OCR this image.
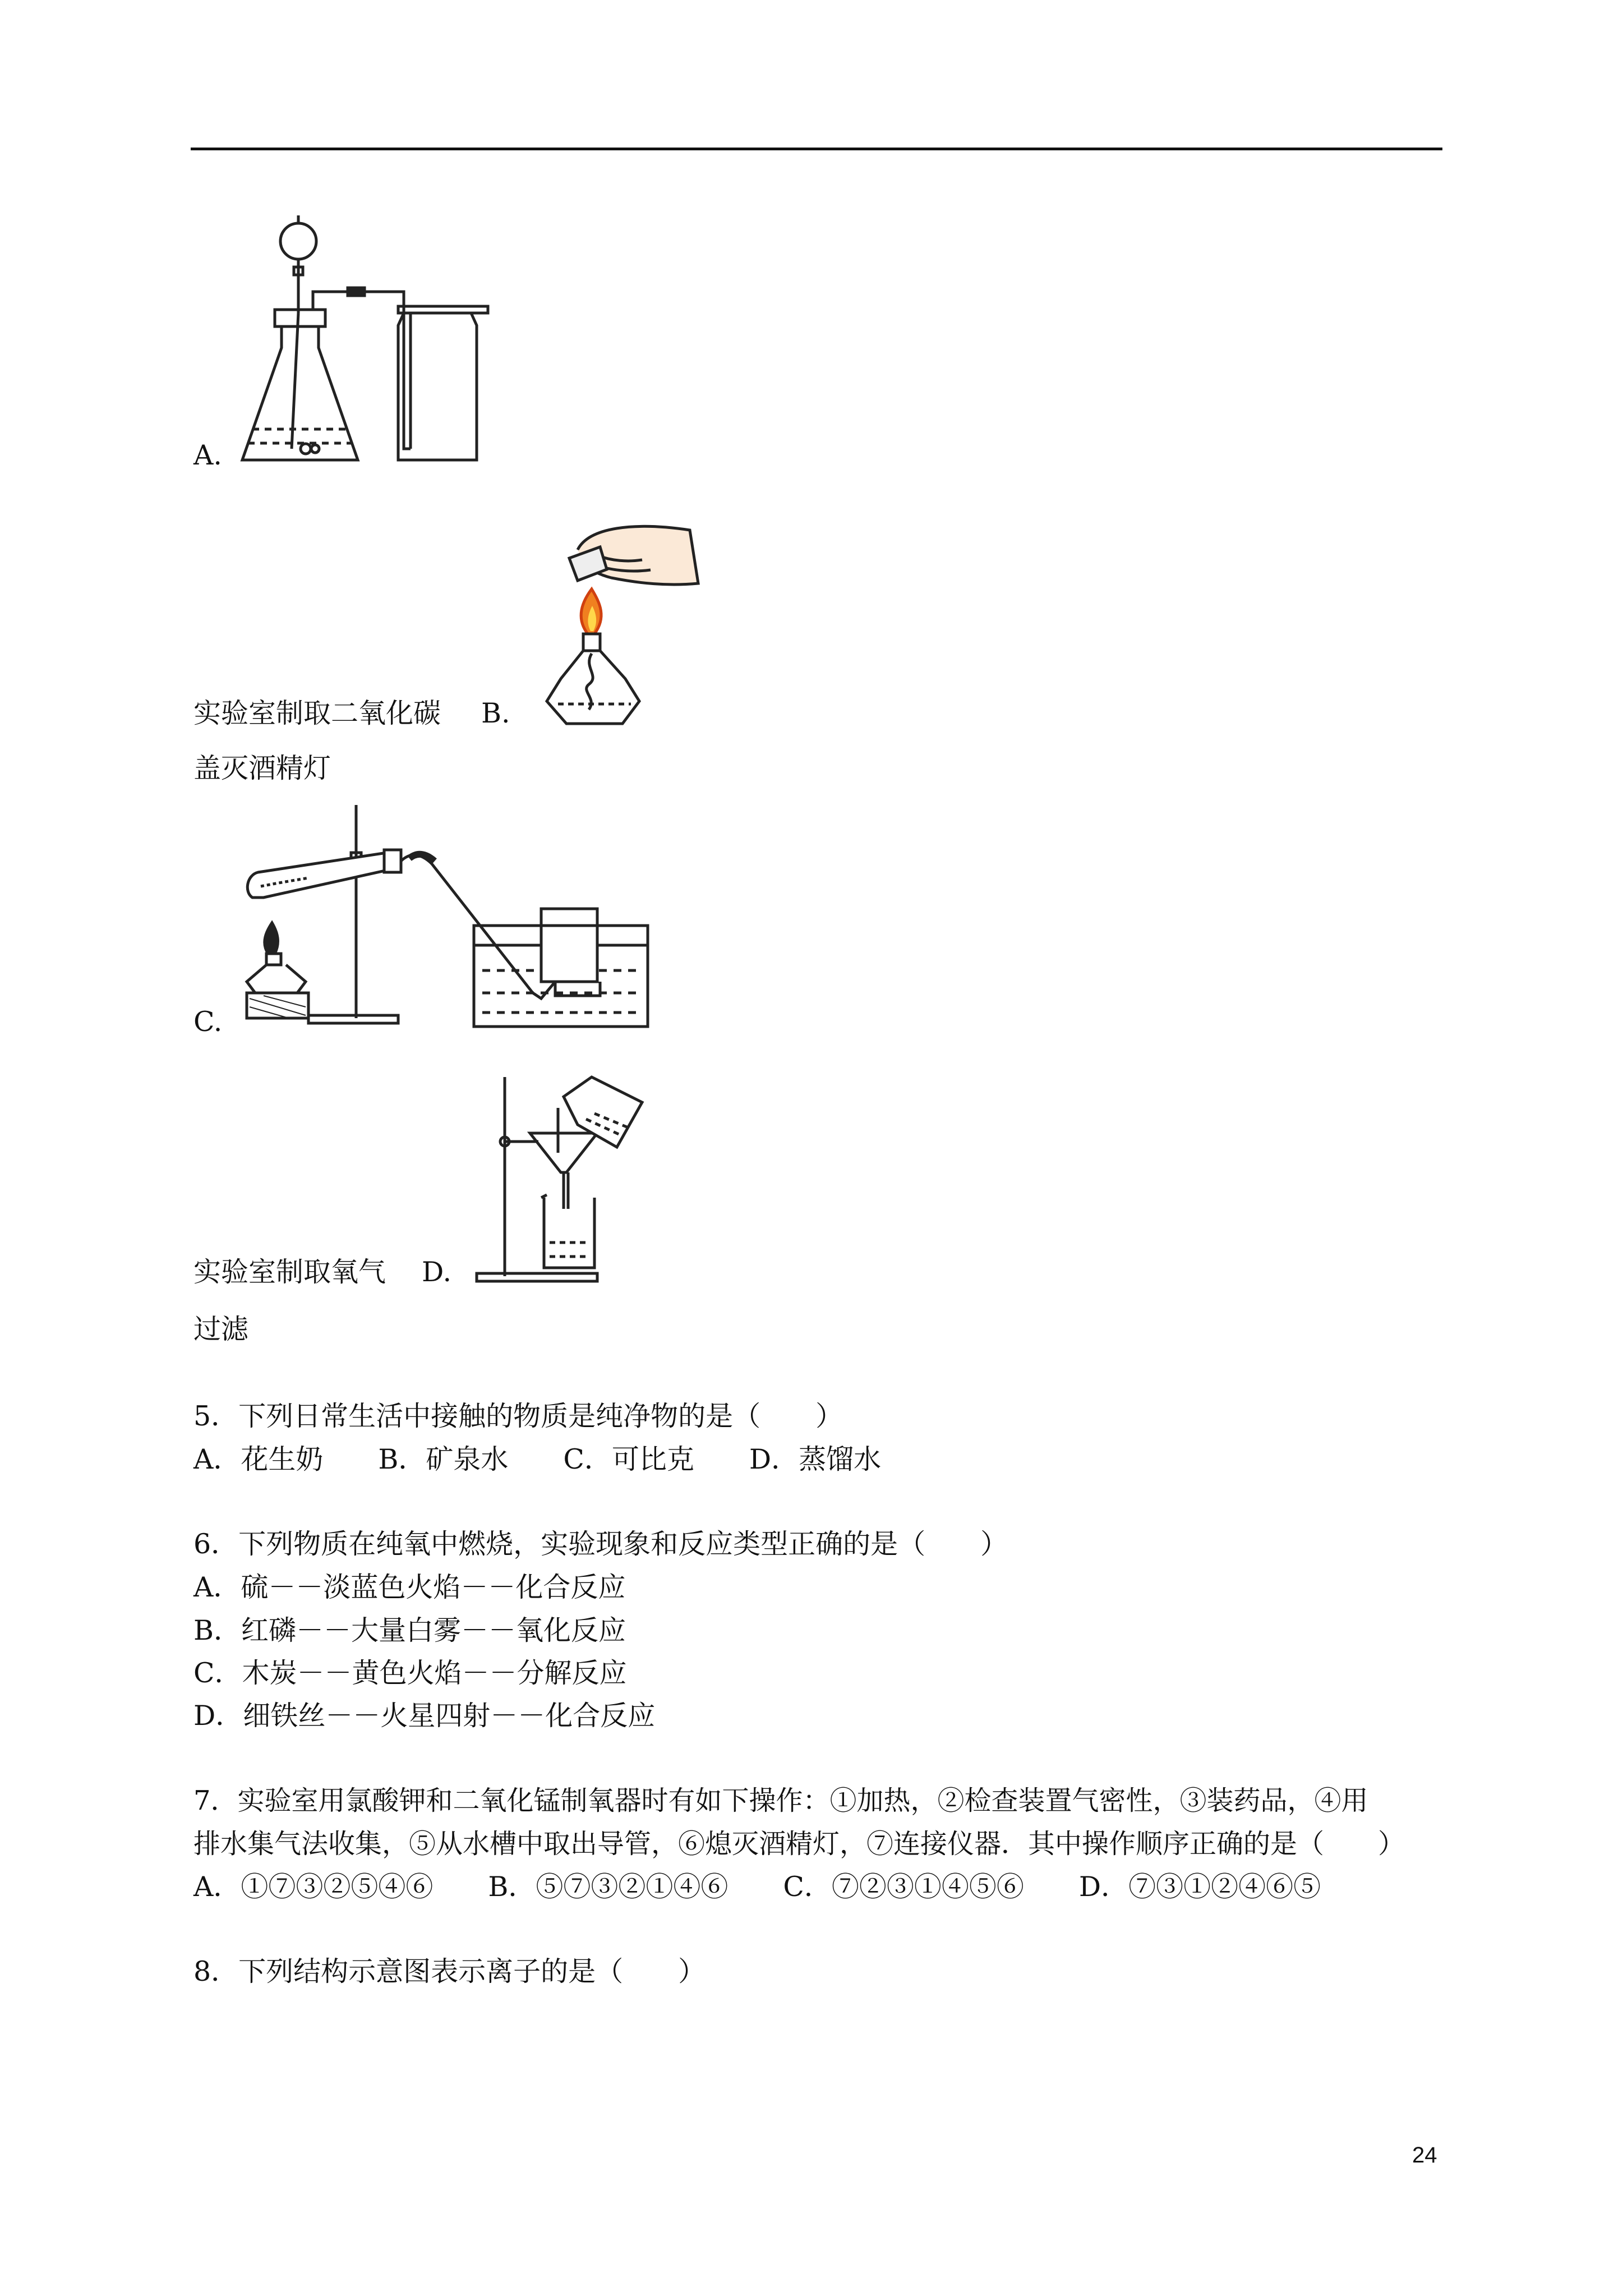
A.
实验室制取二氧化碳 B.
盖灭酒精灯
C.
实验室制取氧气 D.
过滤
5．下列日常生活中接触的物质是纯净物的是（　　）
A．花生奶　　B．矿泉水　　C．可比克　　D．蒸馏水
6．下列物质在纯氧中燃烧，实验现象和反应类型正确的是（　　）
A．硫－－淡蓝色火焰－－化合反应
B．红磷－－大量白雾－－氧化反应
C．木炭－－黄色火焰－－分解反应
D．细铁丝－－火星四射－－化合反应
7．实验室用氯酸钾和二氧化锰制氧器时有如下操作：①加热，②检查装置气密性，③装药品，④用
排水集气法收集，⑤从水槽中取出导管，⑥熄灭酒精灯，⑦连接仪器．其中操作顺序正确的是（　　）
A．①⑦③②⑤④⑥　　B．⑤⑦③②①④⑥　　C．⑦②③①④⑤⑥　　D．⑦③①②④⑥⑤
8．下列结构示意图表示离子的是（　　）
24
